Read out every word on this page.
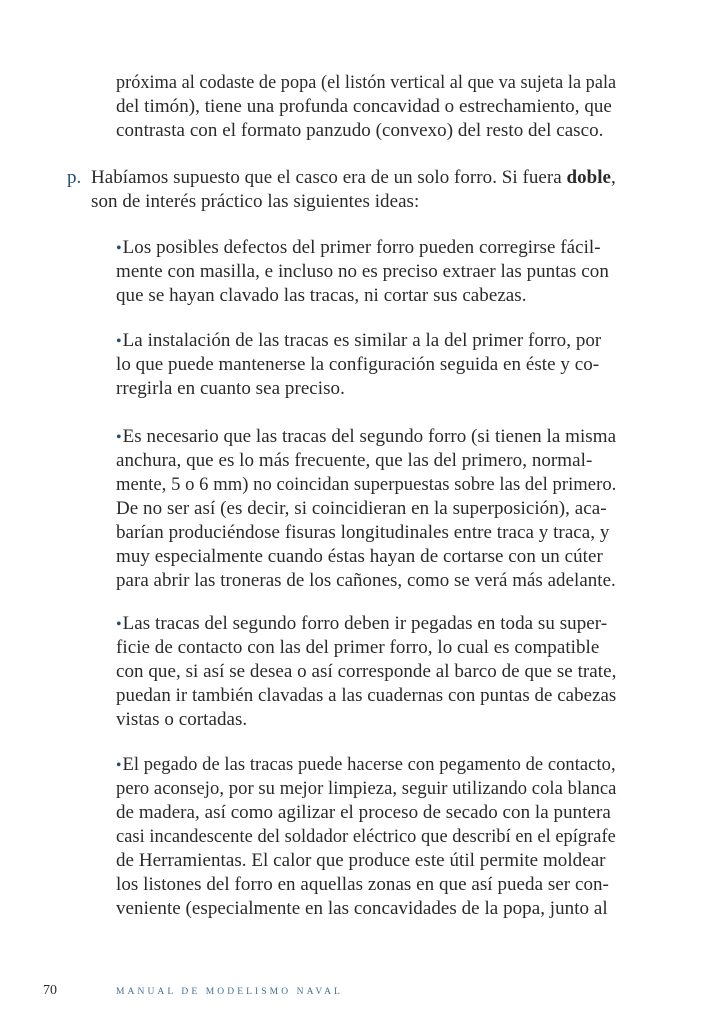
próxima al codaste de popa (el listón vertical al que va sujeta la pala
del timón), tiene una profunda concavidad o estrechamiento, que
contrasta con el formato panzudo (convexo) del resto del casco.
p. Habíamos supuesto que el casco era de un solo forro. Si fuera doble,
son de interés práctico las siguientes ideas:
•Los posibles defectos del primer forro pueden corregirse fácil-
mente con masilla, e incluso no es preciso extraer las puntas con
que se hayan clavado las tracas, ni cortar sus cabezas.
•La instalación de las tracas es similar a la del primer forro, por
lo que puede mantenerse la configuración seguida en éste y co-
rregirla en cuanto sea preciso.
•Es necesario que las tracas del segundo forro (si tienen la misma
anchura, que es lo más frecuente, que las del primero, normal-
mente, 5 o 6 mm) no coincidan superpuestas sobre las del primero.
De no ser así (es decir, si coincidieran en la superposición), aca-
barían produciéndose fisuras longitudinales entre traca y traca, y
muy especialmente cuando éstas hayan de cortarse con un cúter
para abrir las troneras de los cañones, como se verá más adelante.
•Las tracas del segundo forro deben ir pegadas en toda su super-
ficie de contacto con las del primer forro, lo cual es compatible
con que, si así se desea o así corresponde al barco de que se trate,
puedan ir también clavadas a las cuadernas con puntas de cabezas
vistas o cortadas.
•El pegado de las tracas puede hacerse con pegamento de contacto,
pero aconsejo, por su mejor limpieza, seguir utilizando cola blanca
de madera, así como agilizar el proceso de secado con la puntera
casi incandescente del soldador eléctrico que describí en el epígrafe
de Herramientas. El calor que produce este útil permite moldear
los listones del forro en aquellas zonas en que así pueda ser con-
veniente (especialmente en las concavidades de la popa, junto al
70	MANUAL DE MODELISMO NAVAL
